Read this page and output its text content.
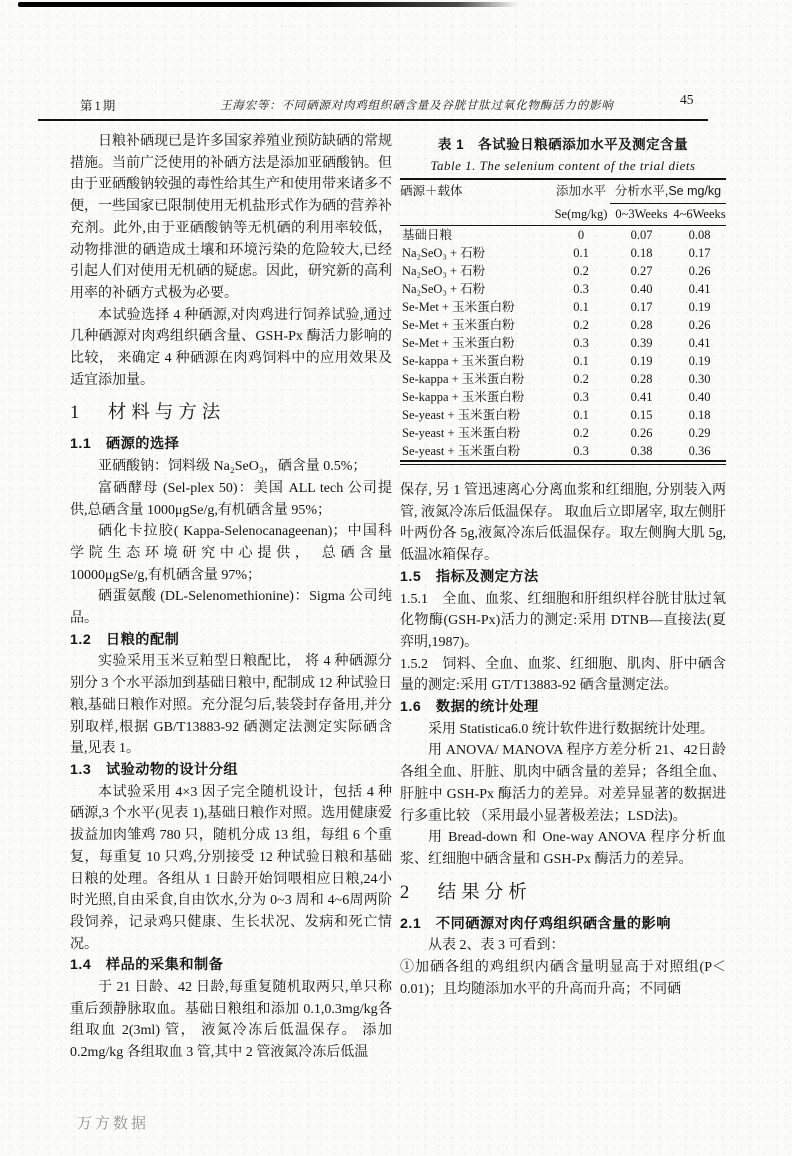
第1期	王海宏等：不同硒源对肉鸡组织硒含量及谷胱甘肽过氧化物酶活力的影响	45
日粮补硒现已是许多国家养殖业预防缺硒的常规措施。当前广泛使用的补硒方法是添加亚硒酸钠。但由于亚硒酸钠较强的毒性给其生产和使用带来诸多不便，一些国家已限制使用无机盐形式作为硒的营养补充剂。此外,由于亚硒酸钠等无机硒的利用率较低，动物排泄的硒造成土壤和环境污染的危险较大,已经引起人们对使用无机硒的疑虑。因此，研究新的高利用率的补硒方式极为必要。
本试验选择 4 种硒源,对肉鸡进行饲养试验,通过几种硒源对肉鸡组织硒含量、GSH-Px 酶活力影响的比较， 来确定 4 种硒源在肉鸡饲料中的应用效果及适宜添加量。
1　材料与方法
1.1　硒源的选择
亚硒酸钠：饲料级 Na₂SeO₃，硒含量 0.5%；
富硒酵母 (Sel-plex 50)：美国 ALL tech 公司提供,总硒含量 1000μgSe/g,有机硒含量 95%；
硒化卡拉胶( Kappa-Selenocanageenan)；中国科学院生态环境研究中心提供， 总硒含量 10000μgSe/g,有机硒含量 97%；
硒蛋氨酸 (DL-Selenomethionine)：Sigma 公司纯品。
1.2　日粮的配制
实验采用玉米豆粕型日粮配比， 将 4 种硒源分别分 3 个水平添加到基础日粮中, 配制成 12 种试验日粮,基础日粮作对照。充分混匀后,装袋封存备用,并分别取样,根据 GB/T13883-92 硒测定法测定实际硒含量,见表 1。
1.3　试验动物的设计分组
本试验采用 4×3 因子完全随机设计，包括 4 种硒源,3 个水平(见表 1),基础日粮作对照。选用健康爱拔益加肉雏鸡 780 只，随机分成 13 组，每组 6 个重复，每重复 10 只鸡,分别接受 12 种试验日粮和基础日粮的处理。各组从 1 日龄开始饲喂相应日粮,24小时光照,自由采食,自由饮水,分为 0~3 周和 4~6周两阶段饲养，记录鸡只健康、生长状况、发病和死亡情况。
1.4　样品的采集和制备
于 21 日龄、42 日龄,每重复随机取两只,单只称重后颈静脉取血。基础日粮组和添加 0.1,0.3mg/kg各组取血 2(3ml) 管， 液氮冷冻后低温保存。 添加0.2mg/kg 各组取血 3 管,其中 2 管液氮冷冻后低温
表 1　各试验日粮硒添加水平及测定含量
Table 1. The selenium content of the trial diets
硒源＋载体	添加水平	分析水平,Se mg/kg	
	Se(mg/kg)	0~3Weeks	4~6Weeks
基础日粮	0	0.07	0.08
Na₂SeO₃ + 石粉	0.1	0.18	0.17
Na₂SeO₃ + 石粉	0.2	0.27	0.26
Na₂SeO₃ + 石粉	0.3	0.40	0.41
Se-Met + 玉米蛋白粉	0.1	0.17	0.19
Se-Met + 玉米蛋白粉	0.2	0.28	0.26
Se-Met + 玉米蛋白粉	0.3	0.39	0.41
Se-kappa + 玉米蛋白粉	0.1	0.19	0.19
Se-kappa + 玉米蛋白粉	0.2	0.28	0.30
Se-kappa + 玉米蛋白粉	0.3	0.41	0.40
Se-yeast + 玉米蛋白粉	0.1	0.15	0.18
Se-yeast + 玉米蛋白粉	0.2	0.26	0.29
Se-yeast + 玉米蛋白粉	0.3	0.38	0.36
保存, 另 1 管迅速离心分离血浆和红细胞, 分别装入两管, 液氮冷冻后低温保存。 取血后立即屠宰, 取左侧肝叶两份各 5g,液氮冷冻后低温保存。取左侧胸大肌 5g,低温冰箱保存。
1.5　指标及测定方法
1.5.1　全血、血浆、红细胞和肝组织样谷胱甘肽过氧化物酶(GSH-Px)活力的测定:采用 DTNB—直接法(夏弈明,1987)。
1.5.2　饲料、全血、血浆、红细胞、肌肉、肝中硒含量的测定:采用 GT/T13883-92 硒含量测定法。
1.6　数据的统计处理
采用 Statistica6.0 统计软件进行数据统计处理。
用 ANOVA/ MANOVA 程序方差分析 21、42日龄各组全血、肝脏、肌肉中硒含量的差异；各组全血、肝脏中 GSH-Px 酶活力的差异。对差异显著的数据进行多重比较 （采用最小显著极差法；LSD法)。
用 Bread-down 和 One-way ANOVA 程序分析血浆、红细胞中硒含量和 GSH-Px 酶活力的差异。
2　结果分析
2.1　不同硒源对肉仔鸡组织硒含量的影响
从表 2、表 3 可看到：
①加硒各组的鸡组织内硒含量明显高于对照组(P＜0.01)；且均随添加水平的升高而升高；不同硒
万方数据
